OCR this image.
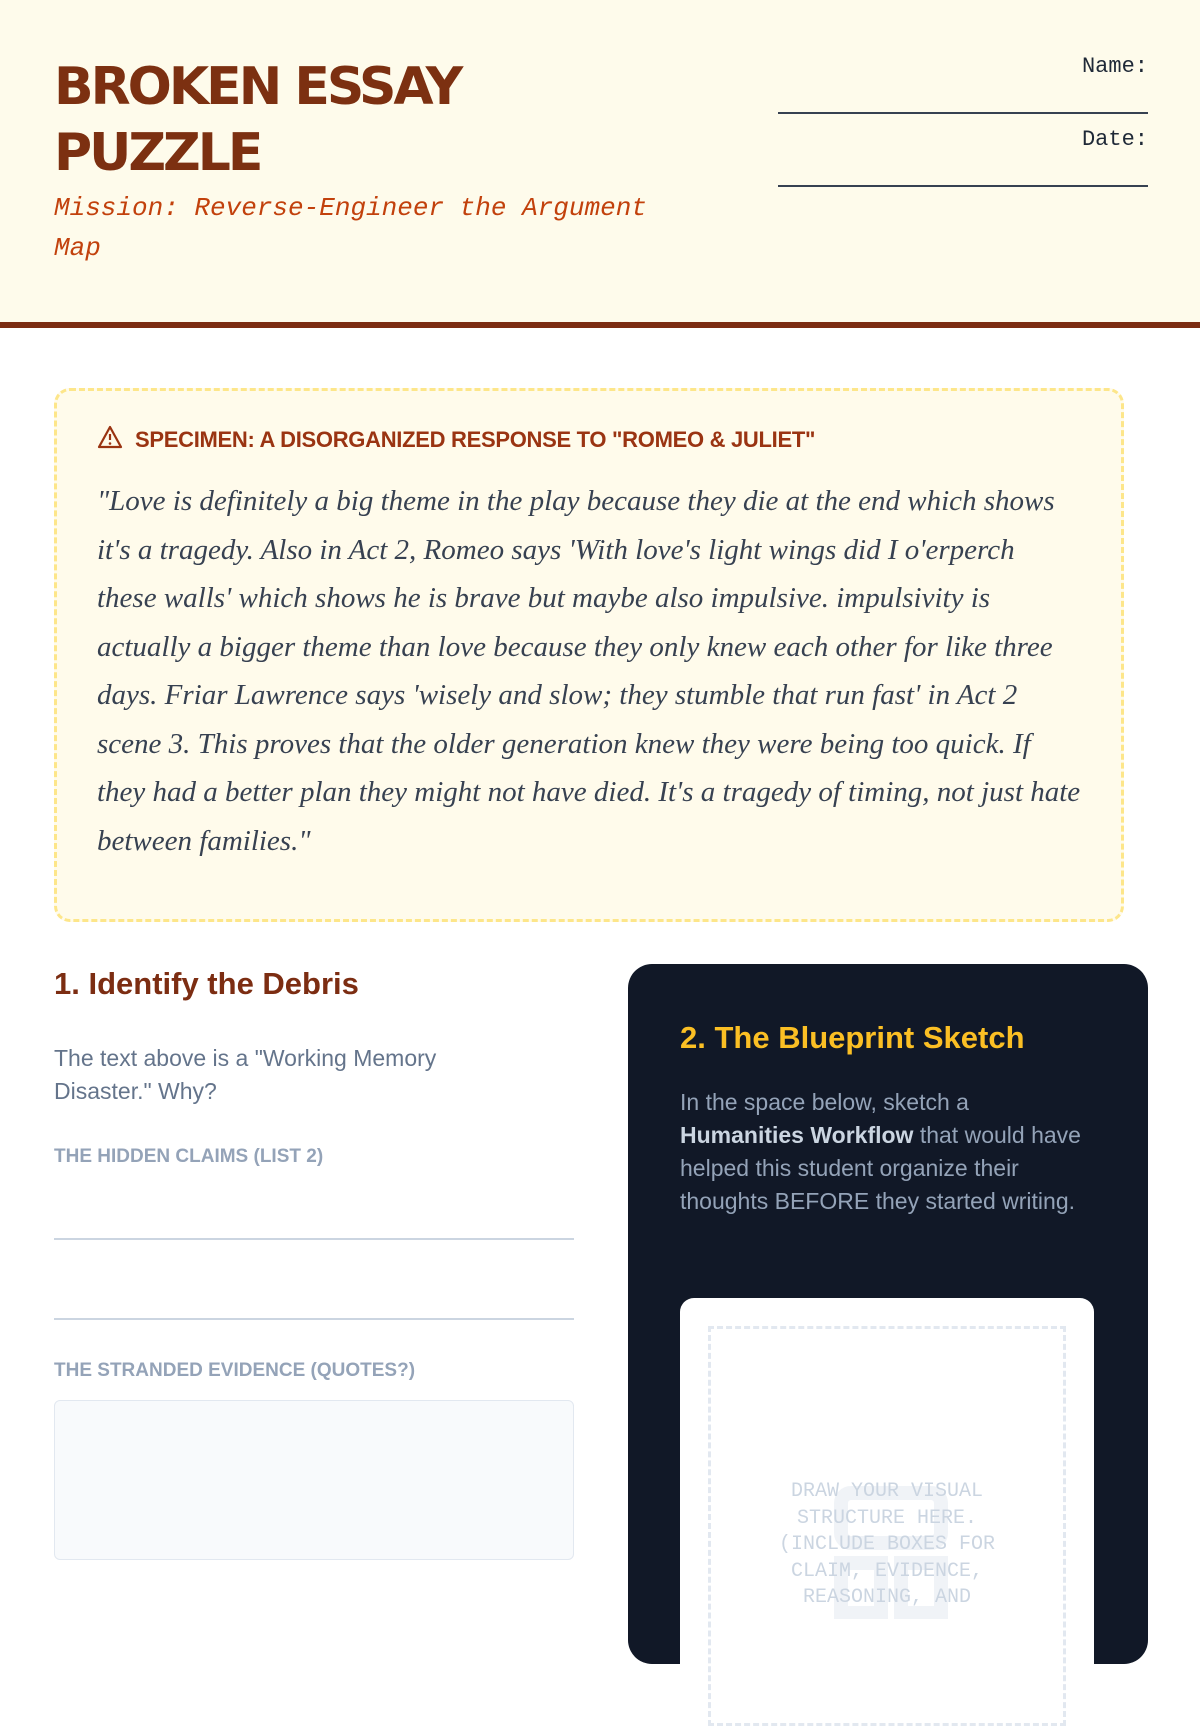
BROKEN ESSAY PUZZLE
Mission: Reverse-Engineer the Argument Map
Name:
Date:
SPECIMEN: A DISORGANIZED RESPONSE TO "ROMEO & JULIET"
"Love is definitely a big theme in the play because they die at the end which shows it's a tragedy. Also in Act 2, Romeo says 'With love's light wings did I o'erperch these walls' which shows he is brave but maybe also impulsive. impulsivity is actually a bigger theme than love because they only knew each other for like three days. Friar Lawrence says 'wisely and slow; they stumble that run fast' in Act 2 scene 3. This proves that the older generation knew they were being too quick. If they had a better plan they might not have died. It's a tragedy of timing, not just hate between families."
1. Identify the Debris
The text above is a "Working Memory Disaster." Why?
THE HIDDEN CLAIMS (LIST 2)
THE STRANDED EVIDENCE (QUOTES?)
2. The Blueprint Sketch

In the space below, sketch a Humanities Workflow that would have helped this student organize their thoughts BEFORE they started writing.

DRAW YOUR VISUAL STRUCTURE HERE. (INCLUDE BOXES FOR CLAIM, EVIDENCE, REASONING, AND
